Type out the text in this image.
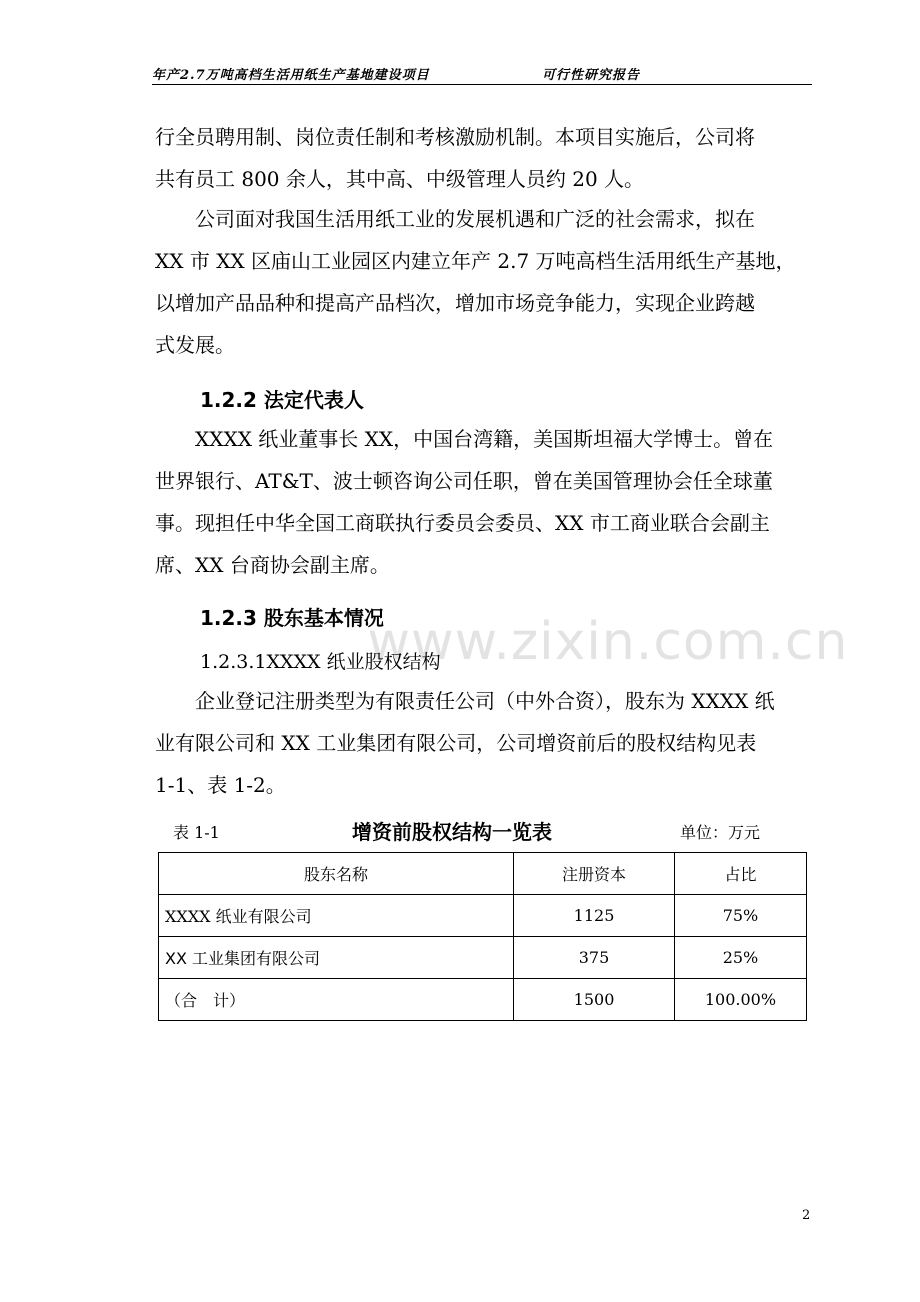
年产2.7万吨高档生活用纸生产基地建设项目	可行性研究报告
行全员聘用制、岗位责任制和考核激励机制。本项目实施后，公司将
共有员工 800 余人，其中高、中级管理人员约 20 人。
　　公司面对我国生活用纸工业的发展机遇和广泛的社会需求，拟在
XX 市 XX 区庙山工业园区内建立年产 2.7 万吨高档生活用纸生产基地，
以增加产品品种和提高产品档次，增加市场竞争能力，实现企业跨越
式发展。
1.2.2 法定代表人
　　XXXX 纸业董事长 XX，中国台湾籍，美国斯坦福大学博士。曾在
世界银行、AT&T、波士顿咨询公司任职，曾在美国管理协会任全球董
事。现担任中华全国工商联执行委员会委员、XX 市工商业联合会副主
席、XX 台商协会副主席。
1.2.3 股东基本情况
www.zixin.com.cn
1.2.3.1XXXX 纸业股权结构
　　企业登记注册类型为有限责任公司（中外合资），股东为 XXXX 纸
业有限公司和 XX 工业集团有限公司，公司增资前后的股权结构见表
1-1、表 1-2。
表 1-1	增资前股权结构一览表	单位：万元
股东名称	注册资本	占比
XXXX 纸业有限公司	1125	75%
XX 工业集团有限公司	375	25%
（合　计）	1500	100.00%
2
